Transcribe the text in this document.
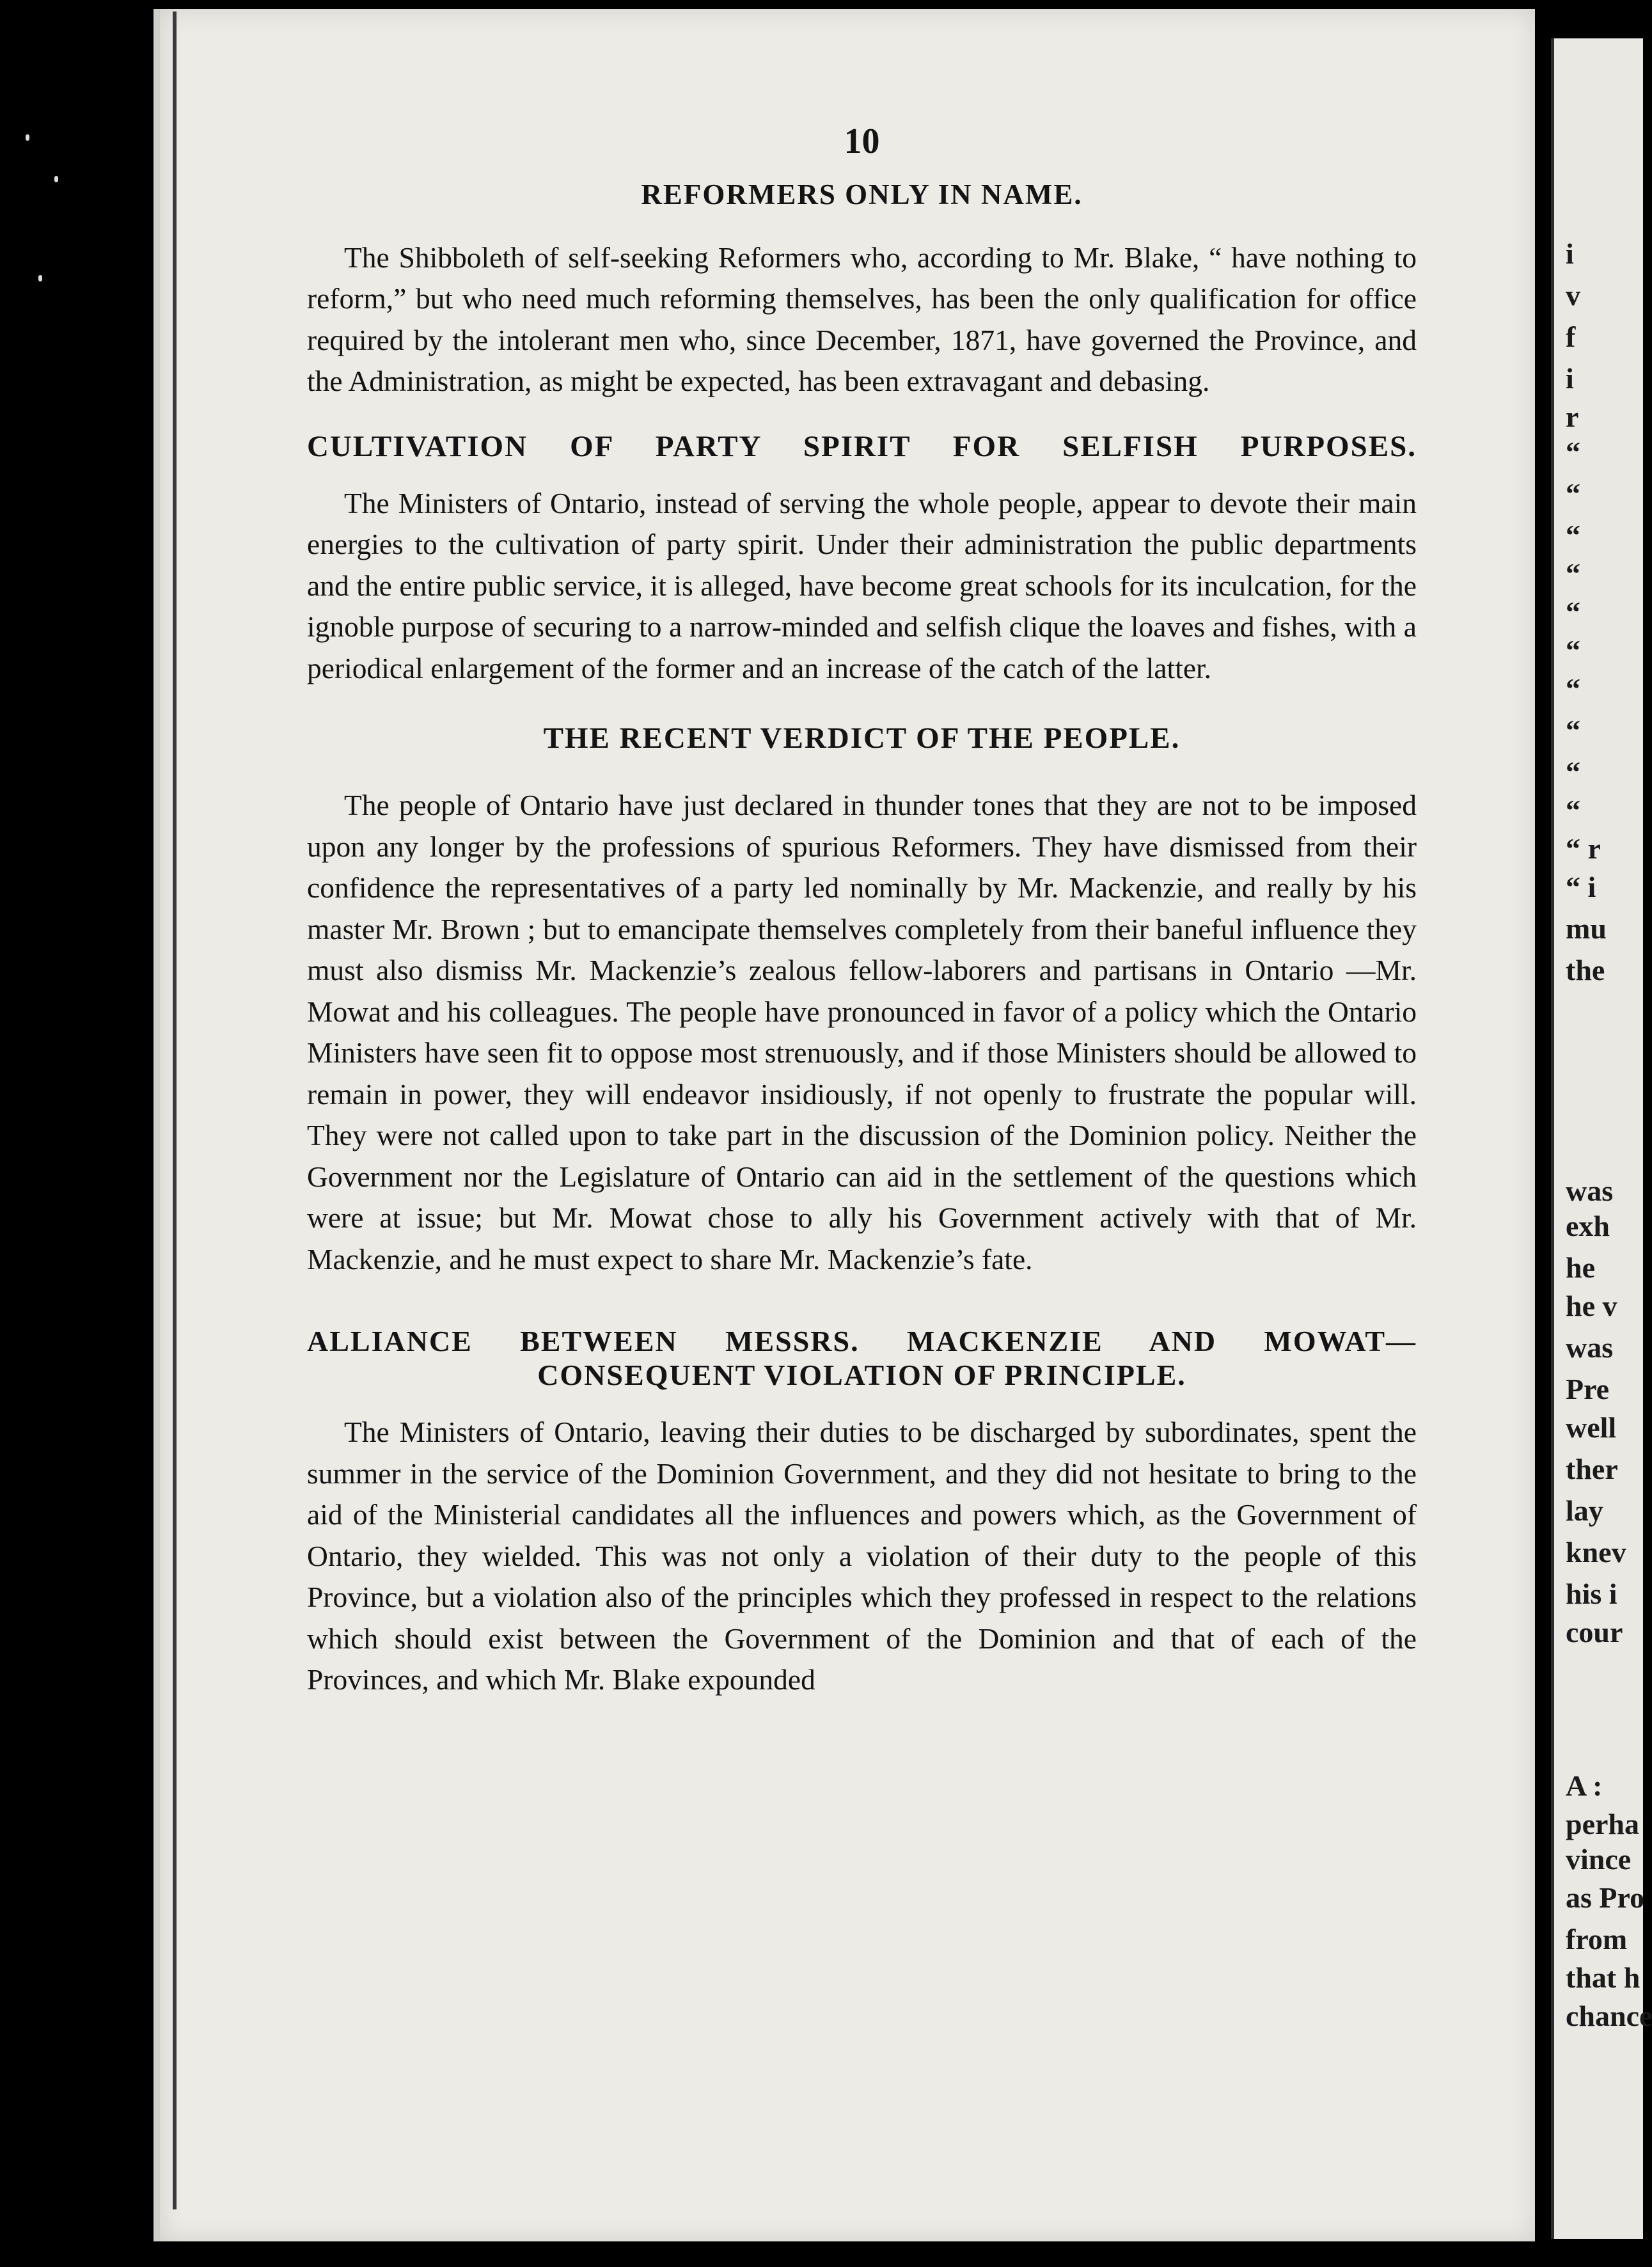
10
REFORMERS ONLY IN NAME.

The Shibboleth of self-seeking Reformers who, according to Mr. Blake, “ have nothing to reform,” but who need much reforming themselves, has been the only qualification for office required by the intolerant men who, since December, 1871, have governed the Province, and the Administration, as might be expected, has been extravagant and debasing.

CULTIVATION OF PARTY SPIRIT FOR SELFISH PURPOSES.

The Ministers of Ontario, instead of serving the whole people, appear to devote their main energies to the cultivation of party spirit. Under their administration the public departments and the entire public service, it is alleged, have become great schools for its inculcation, for the ignoble purpose of securing to a narrow-minded and selfish clique the loaves and fishes, with a periodical enlargement of the former and an increase of the catch of the latter.

THE RECENT VERDICT OF THE PEOPLE.

The people of Ontario have just declared in thunder tones that they are not to be imposed upon any longer by the professions of spurious Reformers. They have dismissed from their confidence the representatives of a party led nominally by Mr. Mackenzie, and really by his master Mr. Brown ; but to emancipate themselves completely from their baneful influence they must also dismiss Mr. Mackenzie’s zealous fellow-laborers and partisans in Ontario —Mr. Mowat and his colleagues. The people have pronounced in favor of a policy which the Ontario Ministers have seen fit to oppose most strenuously, and if those Ministers should be allowed to remain in power, they will endeavor insidiously, if not openly to frustrate the popular will. They were not called upon to take part in the discussion of the Dominion policy. Neither the Government nor the Legislature of Ontario can aid in the settlement of the questions which were at issue; but Mr. Mowat chose to ally his Government actively with that of Mr. Mackenzie, and he must expect to share Mr. Mackenzie’s fate.

ALLIANCE BETWEEN MESSRS. MACKENZIE AND MOWAT—
CONSEQUENT VIOLATION OF PRINCIPLE.

The Ministers of Ontario, leaving their duties to be discharged by subordinates, spent the summer in the service of the Dominion Government, and they did not hesitate to bring to the aid of the Ministerial candidates all the influences and powers which, as the Government of Ontario, they wielded. This was not only a violation of their duty to the people of this Province, but a violation also of the principles which they professed in respect to the relations which should exist between the Government of the Dominion and that of each of the Provinces, and which Mr. Blake expounded

i
v
f
i
r
“
“
“
“
“
“
“
“
“
“
“ r
“ i
mu
the
was
exh
he
he v
was
Pre
well
ther
lay
knev
his i
cour
A :
perha
vince
as Pro
from
that h
chance
